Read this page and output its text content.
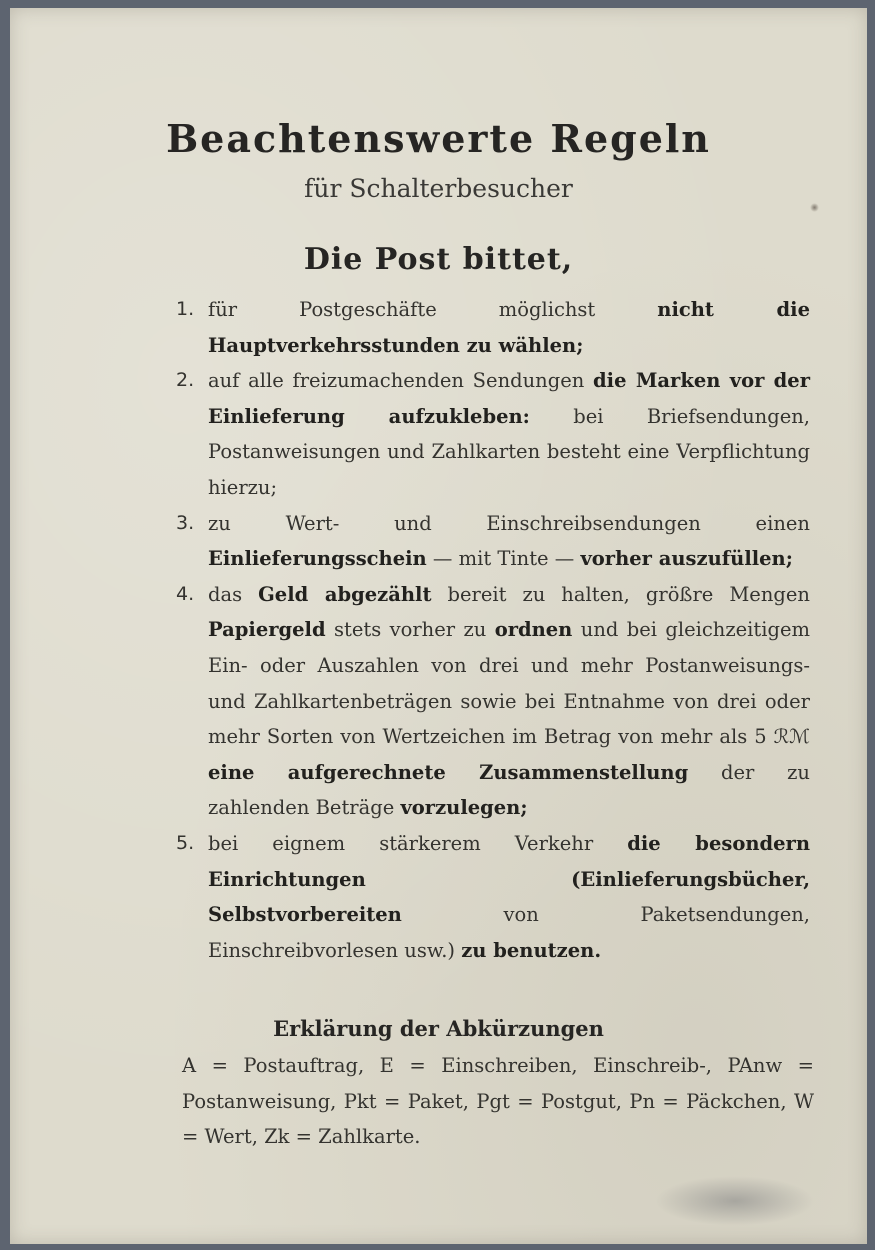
Beachtenswerte Regeln
für Schalterbesucher
Die Post bittet,
1. für Postgeschäfte möglichst nicht die Hauptverkehrsstunden zu wählen;
2. auf alle freizumachenden Sendungen die Marken vor der Einlieferung aufzukleben: bei Briefsendungen, Postanweisungen und Zahlkarten besteht eine Verpflichtung hierzu;
3. zu Wert- und Einschreibsendungen einen Einlieferungsschein — mit Tinte — vorher auszufüllen;
4. das Geld abgezählt bereit zu halten, größre Mengen Papiergeld stets vorher zu ordnen und bei gleichzeitigem Ein- oder Auszahlen von drei und mehr Postanweisungs- und Zahlkartenbeträgen sowie bei Entnahme von drei oder mehr Sorten von Wertzeichen im Betrag von mehr als 5 ℛℳ eine aufgerechnete Zusammenstellung der zu zahlenden Beträge vorzulegen;
5. bei eignem stärkerem Verkehr die besondern Einrichtungen (Einlieferungsbücher, Selbstvorbereiten von Paketsendungen, Einschreibvorlesen usw.) zu benutzen.
Erklärung der Abkürzungen
A = Postauftrag, E = Einschreiben, Einschreib-, PAnw = Postanweisung, Pkt = Paket, Pgt = Postgut, Pn = Päckchen, W = Wert, Zk = Zahlkarte.
